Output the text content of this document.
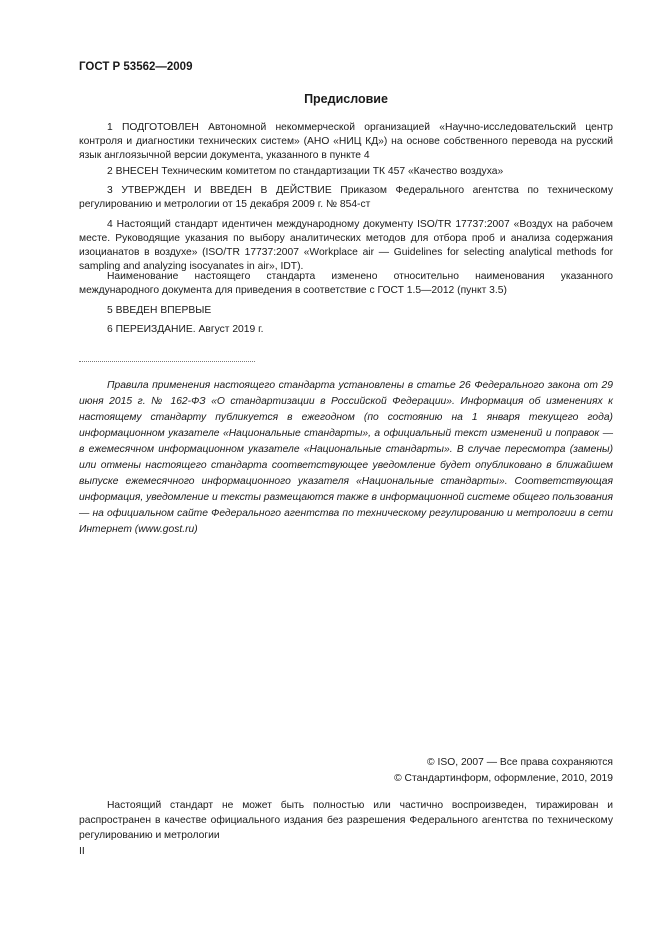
ГОСТ Р 53562—2009
Предисловие

1 ПОДГОТОВЛЕН Автономной некоммерческой организацией «Научно-исследовательский центр контроля и диагностики технических систем» (АНО «НИЦ КД») на основе собственного перевода на русский язык англоязычной версии документа, указанного в пункте 4

2 ВНЕСЕН Техническим комитетом по стандартизации ТК 457 «Качество воздуха»

3 УТВЕРЖДЕН И ВВЕДЕН В ДЕЙСТВИЕ Приказом Федерального агентства по техническому регулированию и метрологии от 15 декабря 2009 г. № 854-ст

4 Настоящий стандарт идентичен международному документу ISO/TR 17737:2007 «Воздух на рабочем месте. Руководящие указания по выбору аналитических методов для отбора проб и анализа содержания изоцианатов в воздухе» (ISO/TR 17737:2007 «Workplace air — Guidelines for selecting analytical methods for sampling and analyzing isocyanates in air», IDT).

Наименование настоящего стандарта изменено относительно наименования указанного международного документа для приведения в соответствие с ГОСТ 1.5—2012 (пункт 3.5)

5 ВВЕДЕН ВПЕРВЫЕ

6 ПЕРЕИЗДАНИЕ. Август 2019 г.

Правила применения настоящего стандарта установлены в статье 26 Федерального закона от 29 июня 2015 г. № 162-ФЗ «О стандартизации в Российской Федерации». Информация об изменениях к настоящему стандарту публикуется в ежегодном (по состоянию на 1 января текущего года) информационном указателе «Национальные стандарты», а официальный текст изменений и поправок — в ежемесячном информационном указателе «Национальные стандарты». В случае пересмотра (замены) или отмены настоящего стандарта соответствующее уведомление будет опубликовано в ближайшем выпуске ежемесячного информационного указателя «Национальные стандарты». Соответствующая информация, уведомление и тексты размещаются также в информационной системе общего пользования — на официальном сайте Федерального агентства по техническому регулированию и метрологии в сети Интернет (www.gost.ru)

© ISO, 2007 — Все права сохраняются
© Стандартинформ, оформление, 2010, 2019

Настоящий стандарт не может быть полностью или частично воспроизведен, тиражирован и распространен в качестве официального издания без разрешения Федерального агентства по техническому регулированию и метрологии

II
